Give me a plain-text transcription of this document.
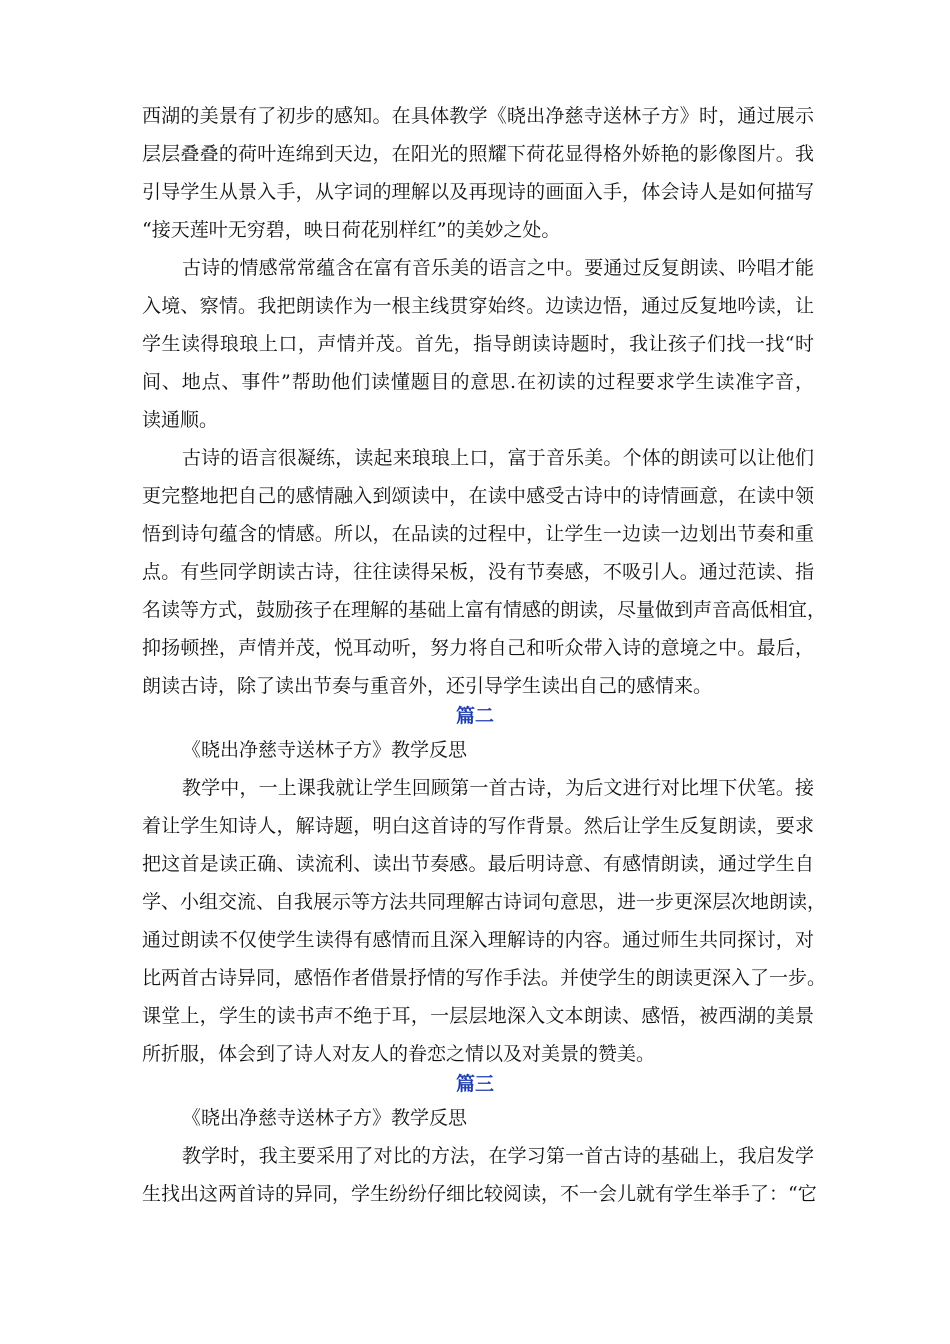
西湖的美景有了初步的感知。在具体教学《晓出净慈寺送林子方》时，通过展示
层层叠叠的荷叶连绵到天边，在阳光的照耀下荷花显得格外娇艳的影像图片。我
引导学生从景入手，从字词的理解以及再现诗的画面入手，体会诗人是如何描写
“接天莲叶无穷碧，映日荷花别样红”的美妙之处。
古诗的情感常常蕴含在富有音乐美的语言之中。要通过反复朗读、吟唱才能
入境、察情。我把朗读作为一根主线贯穿始终。边读边悟，通过反复地吟读，让
学生读得琅琅上口，声情并茂。首先，指导朗读诗题时，我让孩子们找一找“时
间、地点、事件”帮助他们读懂题目的意思.在初读的过程要求学生读准字音，
读通顺。
古诗的语言很凝练，读起来琅琅上口，富于音乐美。个体的朗读可以让他们
更完整地把自己的感情融入到颂读中，在读中感受古诗中的诗情画意，在读中领
悟到诗句蕴含的情感。所以，在品读的过程中，让学生一边读一边划出节奏和重
点。有些同学朗读古诗，往往读得呆板，没有节奏感，不吸引人。通过范读、指
名读等方式，鼓励孩子在理解的基础上富有情感的朗读，尽量做到声音高低相宜，
抑扬顿挫，声情并茂，悦耳动听，努力将自己和听众带入诗的意境之中。最后，
朗读古诗，除了读出节奏与重音外，还引导学生读出自己的感情来。
篇二
《晓出净慈寺送林子方》教学反思
教学中，一上课我就让学生回顾第一首古诗，为后文进行对比埋下伏笔。接
着让学生知诗人，解诗题，明白这首诗的写作背景。然后让学生反复朗读，要求
把这首是读正确、读流利、读出节奏感。最后明诗意、有感情朗读，通过学生自
学、小组交流、自我展示等方法共同理解古诗词句意思，进一步更深层次地朗读，
通过朗读不仅使学生读得有感情而且深入理解诗的内容。通过师生共同探讨，对
比两首古诗异同，感悟作者借景抒情的写作手法。并使学生的朗读更深入了一步。
课堂上，学生的读书声不绝于耳，一层层地深入文本朗读、感悟，被西湖的美景
所折服，体会到了诗人对友人的眷恋之情以及对美景的赞美。
篇三
《晓出净慈寺送林子方》教学反思
教学时，我主要采用了对比的方法，在学习第一首古诗的基础上，我启发学
生找出这两首诗的异同，学生纷纷仔细比较阅读，不一会儿就有学生举手了：“它
